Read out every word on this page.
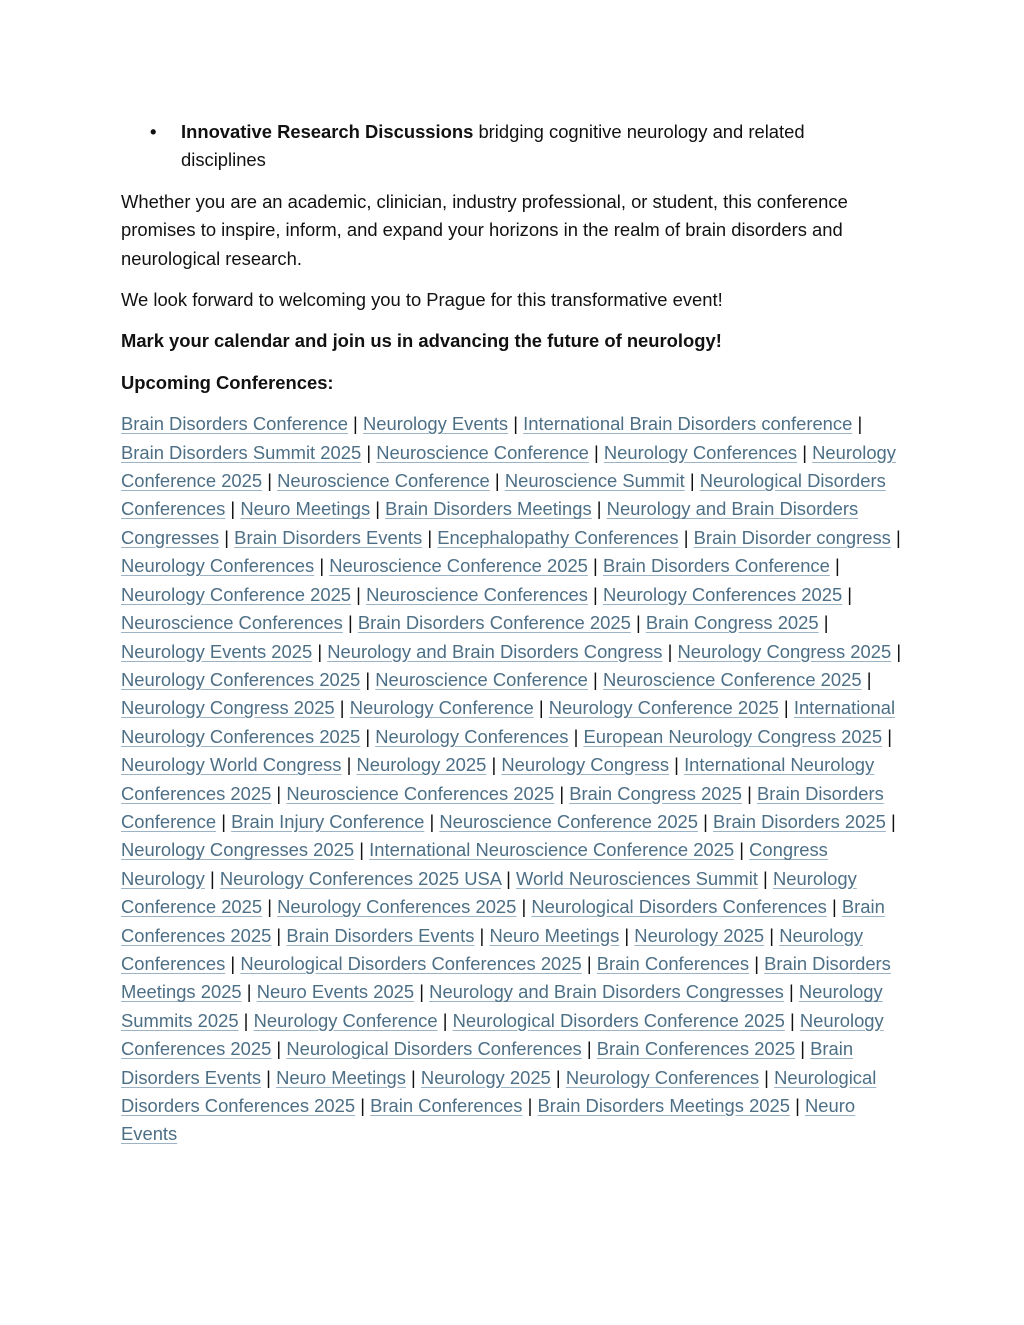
• Innovative Research Discussions bridging cognitive neurology and related disciplines

Whether you are an academic, clinician, industry professional, or student, this conference promises to inspire, inform, and expand your horizons in the realm of brain disorders and neurological research.

We look forward to welcoming you to Prague for this transformative event!

Mark your calendar and join us in advancing the future of neurology!

Upcoming Conferences:

Brain Disorders Conference | Neurology Events | International Brain Disorders conference | Brain Disorders Summit 2025 | Neuroscience Conference | Neurology Conferences | Neurology Conference 2025 | Neuroscience Conference | Neuroscience Summit | Neurological Disorders Conferences | Neuro Meetings | Brain Disorders Meetings | Neurology and Brain Disorders Congresses | Brain Disorders Events | Encephalopathy Conferences | Brain Disorder congress | Neurology Conferences | Neuroscience Conference 2025 | Brain Disorders Conference | Neurology Conference 2025 | Neuroscience Conferences | Neurology Conferences 2025 | Neuroscience Conferences | Brain Disorders Conference 2025 | Brain Congress 2025 | Neurology Events 2025 | Neurology and Brain Disorders Congress | Neurology Congress 2025 | Neurology Conferences 2025 | Neuroscience Conference | Neuroscience Conference 2025 | Neurology Congress 2025 | Neurology Conference | Neurology Conference 2025 | International Neurology Conferences 2025 | Neurology Conferences | European Neurology Congress 2025 | Neurology World Congress | Neurology 2025 | Neurology Congress | International Neurology Conferences 2025 | Neuroscience Conferences 2025 | Brain Congress 2025 | Brain Disorders Conference | Brain Injury Conference | Neuroscience Conference 2025 | Brain Disorders 2025 | Neurology Congresses 2025 | International Neuroscience Conference 2025 | Congress Neurology | Neurology Conferences 2025 USA | World Neurosciences Summit | Neurology Conference 2025 | Neurology Conferences 2025 | Neurological Disorders Conferences | Brain Conferences 2025 | Brain Disorders Events | Neuro Meetings | Neurology 2025 | Neurology Conferences | Neurological Disorders Conferences 2025 | Brain Conferences | Brain Disorders Meetings 2025 | Neuro Events 2025 | Neurology and Brain Disorders Congresses | Neurology Summits 2025 | Neurology Conference | Neurological Disorders Conference 2025 | Neurology Conferences 2025 | Neurological Disorders Conferences | Brain Conferences 2025 | Brain Disorders Events | Neuro Meetings | Neurology 2025 | Neurology Conferences | Neurological Disorders Conferences 2025 | Brain Conferences | Brain Disorders Meetings 2025 | Neuro Events
